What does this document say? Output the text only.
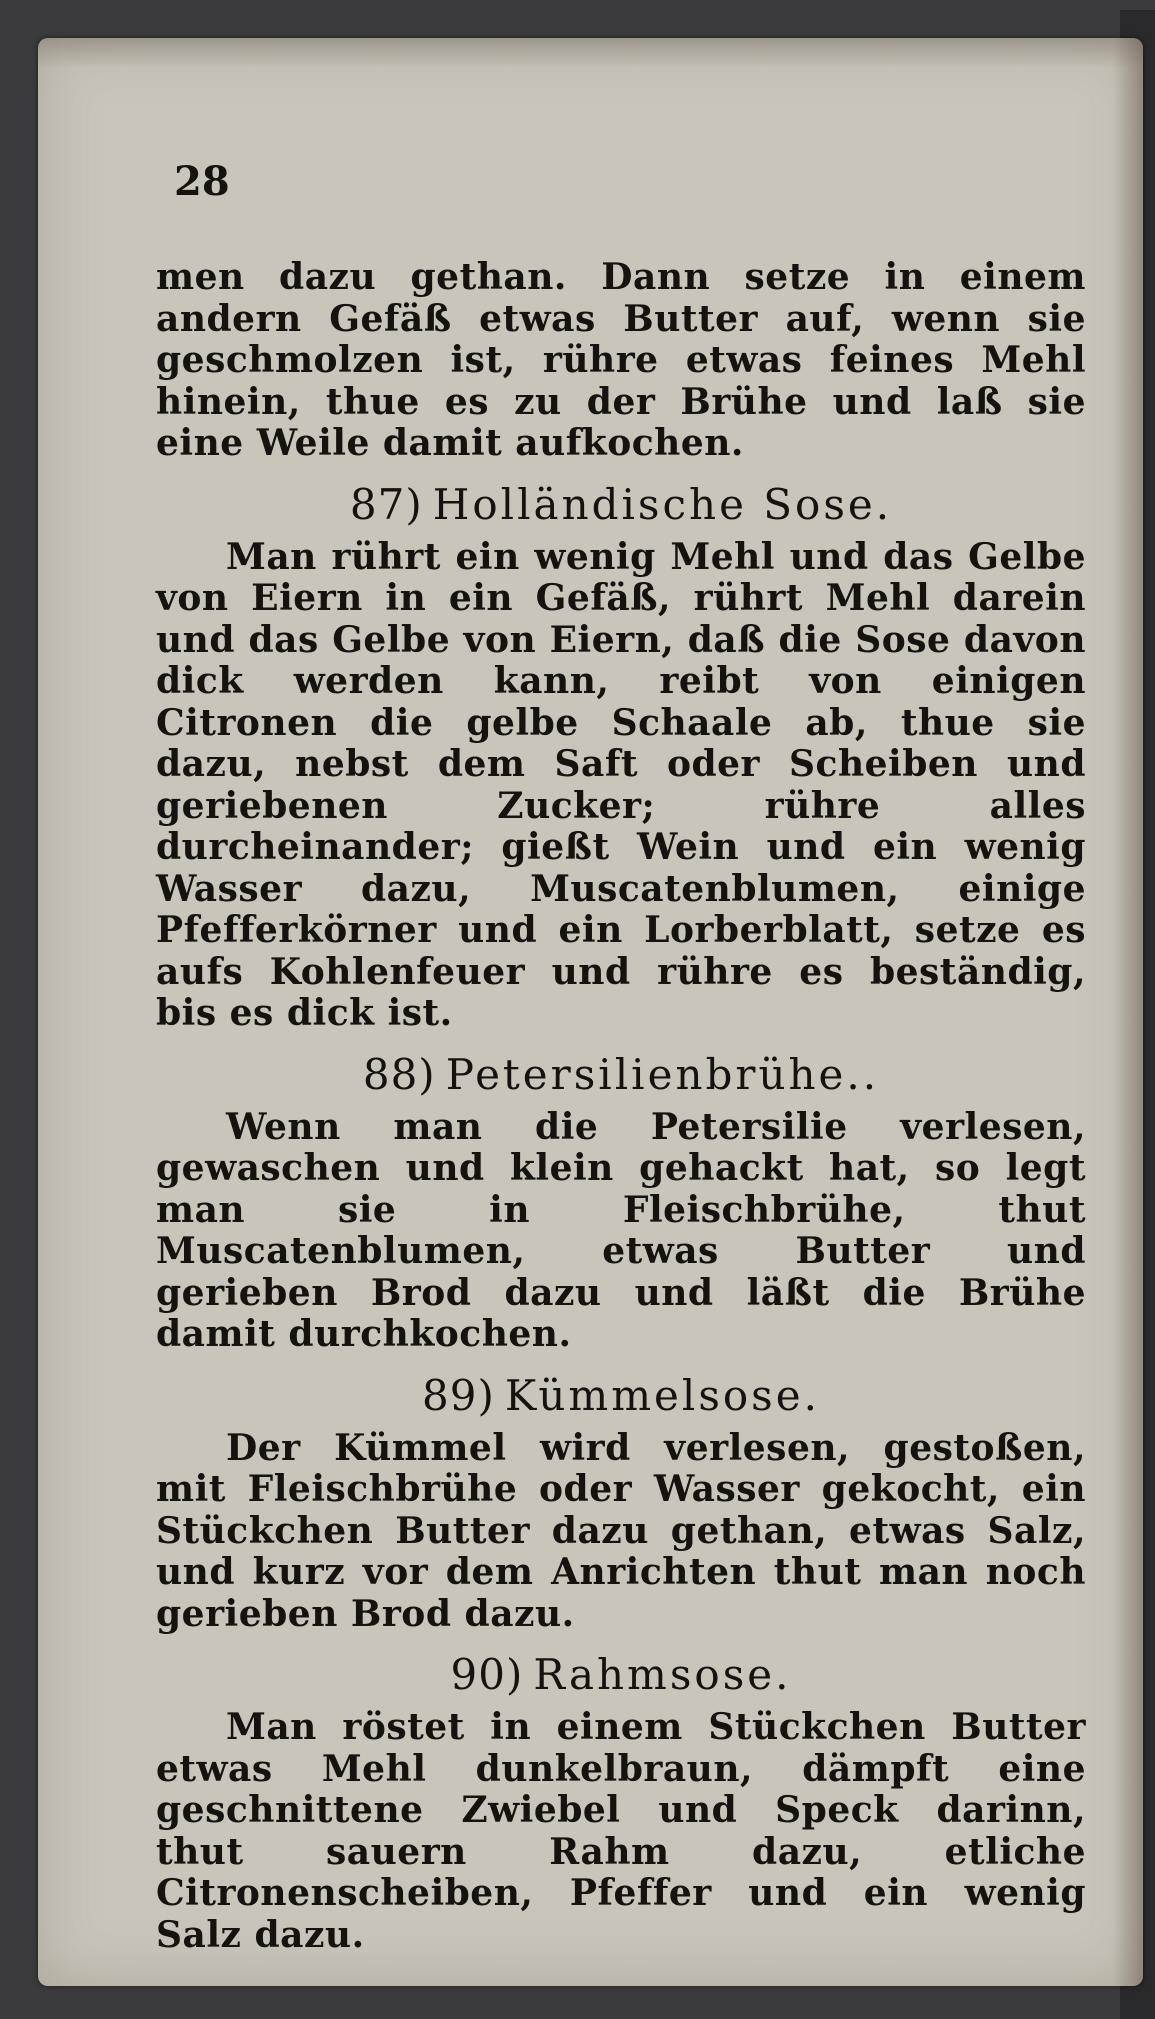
28

men dazu gethan. Dann setze in einem andern Gefäß etwas Butter auf, wenn sie geschmolzen ist, rühre etwas feines Mehl hinein, thue es zu der Brühe und laß sie eine Weile damit aufkochen.

87) Holländische Sose.

Man rührt ein wenig Mehl und das Gelbe von Eiern in ein Gefäß, rührt Mehl darein und das Gelbe von Eiern, daß die Sose davon dick werden kann, reibt von einigen Citronen die gelbe Schaale ab, thue sie dazu, nebst dem Saft oder Scheiben und geriebenen Zucker; rühre alles durcheinander; gießt Wein und ein wenig Wasser dazu, Muscatenblumen, einige Pfefferkörner und ein Lorberblatt, setze es aufs Kohlenfeuer und rühre es beständig, bis es dick ist.

88) Petersilienbrühe..

Wenn man die Petersilie verlesen, gewaschen und klein gehackt hat, so legt man sie in Fleischbrühe, thut Muscatenblumen, etwas Butter und gerieben Brod dazu und läßt die Brühe damit durchkochen.

89) Kümmelsose.

Der Kümmel wird verlesen, gestoßen, mit Fleischbrühe oder Wasser gekocht, ein Stückchen Butter dazu gethan, etwas Salz, und kurz vor dem Anrichten thut man noch gerieben Brod dazu.

90) Rahmsose.

Man röstet in einem Stückchen Butter etwas Mehl dunkelbraun, dämpft eine geschnittene Zwiebel und Speck darinn, thut sauern Rahm dazu, etliche Citronenscheiben, Pfeffer und ein wenig Salz dazu.
